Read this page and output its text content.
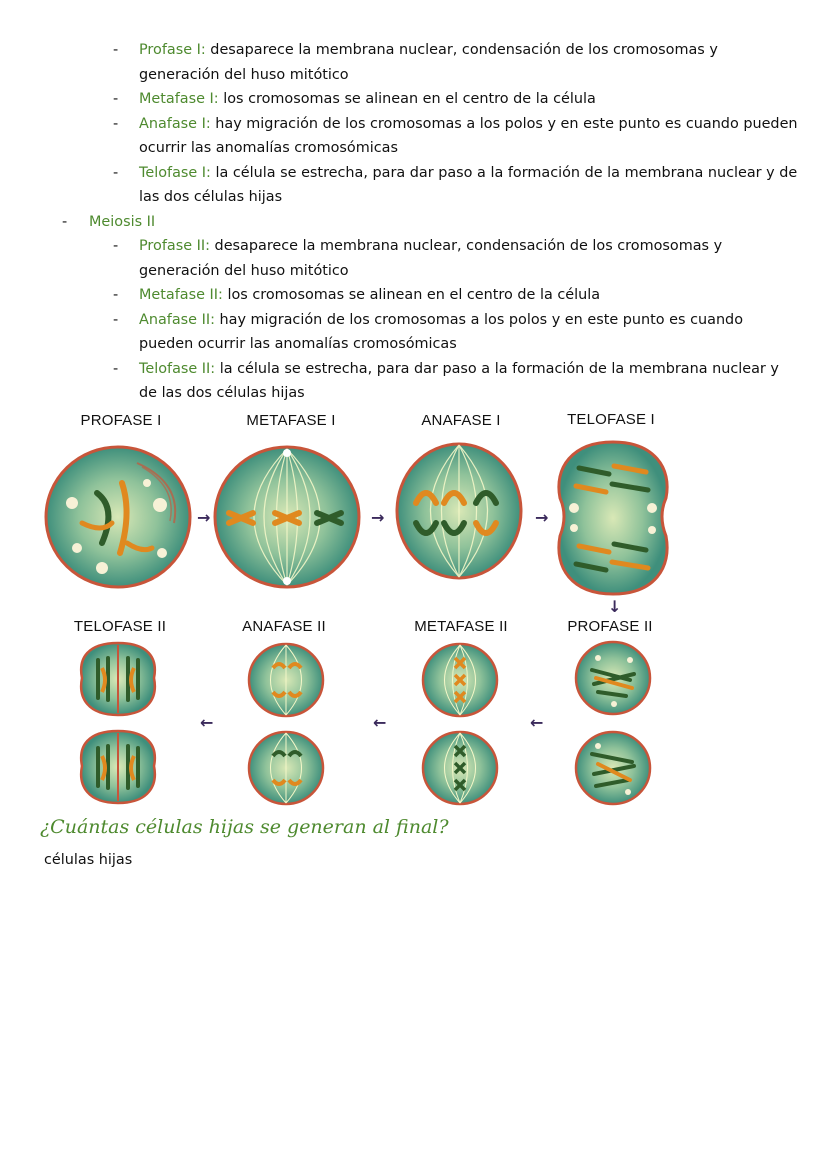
- Profase I: desaparece la membrana nuclear, condensación de los cromosomas y generación del huso mitótico
- Metafase I: los cromosomas se alinean en el centro de la célula
- Anafase I: hay migración de los cromosomas a los polos y en este punto es cuando pueden ocurrir las anomalías cromosómicas
- Telofase I: la célula se estrecha, para dar paso a la formación de la membrana nuclear y de las dos células hijas
- Meiosis II
- Profase II: desaparece la membrana nuclear, condensación de los cromosomas y generación del huso mitótico
- Metafase II: los cromosomas se alinean en el centro de la célula
- Anafase II: hay migración de los cromosomas a los polos y en este punto es cuando pueden ocurrir las anomalías cromosómicas
- Telofase II: la célula se estrecha, para dar paso a la formación de la membrana nuclear y de las dos células hijas
PROFASE I	METAFASE I	ANAFASE I	TELOFASE I
→	→	→
↓
TELOFASE II	ANAFASE II	METAFASE II	PROFASE II
←	←	←
¿Cuántas células hijas se generan al final?
células hijas
